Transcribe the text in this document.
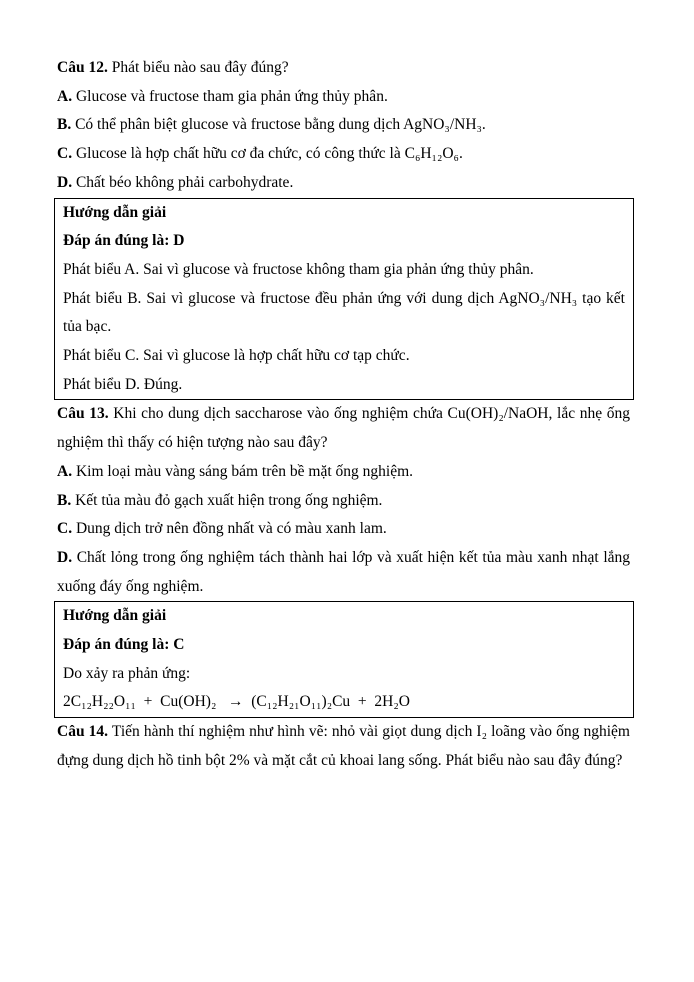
Câu 12. Phát biểu nào sau đây đúng?

A. Glucose và fructose tham gia phản ứng thủy phân.

B. Có thể phân biệt glucose và fructose bằng dung dịch AgNO₃/NH₃.

C. Glucose là hợp chất hữu cơ đa chức, có công thức là C₆H₁₂O₆.

D. Chất béo không phải carbohydrate.

Hướng dẫn giải

Đáp án đúng là: D

Phát biểu A. Sai vì glucose và fructose không tham gia phản ứng thủy phân.

Phát biểu B. Sai vì glucose và fructose đều phản ứng với dung dịch AgNO₃/NH₃ tạo kết tủa bạc.

Phát biểu C. Sai vì glucose là hợp chất hữu cơ tạp chức.

Phát biểu D. Đúng.

Câu 13. Khi cho dung dịch saccharose vào ống nghiệm chứa Cu(OH)₂/NaOH, lắc nhẹ ống nghiệm thì thấy có hiện tượng nào sau đây?

A. Kim loại màu vàng sáng bám trên bề mặt ống nghiệm.

B. Kết tủa màu đỏ gạch xuất hiện trong ống nghiệm.

C. Dung dịch trở nên đồng nhất và có màu xanh lam.

D. Chất lỏng trong ống nghiệm tách thành hai lớp và xuất hiện kết tủa màu xanh nhạt lắng xuống đáy ống nghiệm.

Hướng dẫn giải

Đáp án đúng là: C

Do xảy ra phản ứng:

2C₁₂H₂₂O₁₁  +  Cu(OH)₂   →  (C₁₂H₂₁O₁₁)₂Cu  +  2H₂O

Câu 14. Tiến hành thí nghiệm như hình vẽ: nhỏ vài giọt dung dịch I₂ loãng vào ống nghiệm đựng dung dịch hồ tinh bột 2% và mặt cắt củ khoai lang sống. Phát biểu nào sau đây đúng?
